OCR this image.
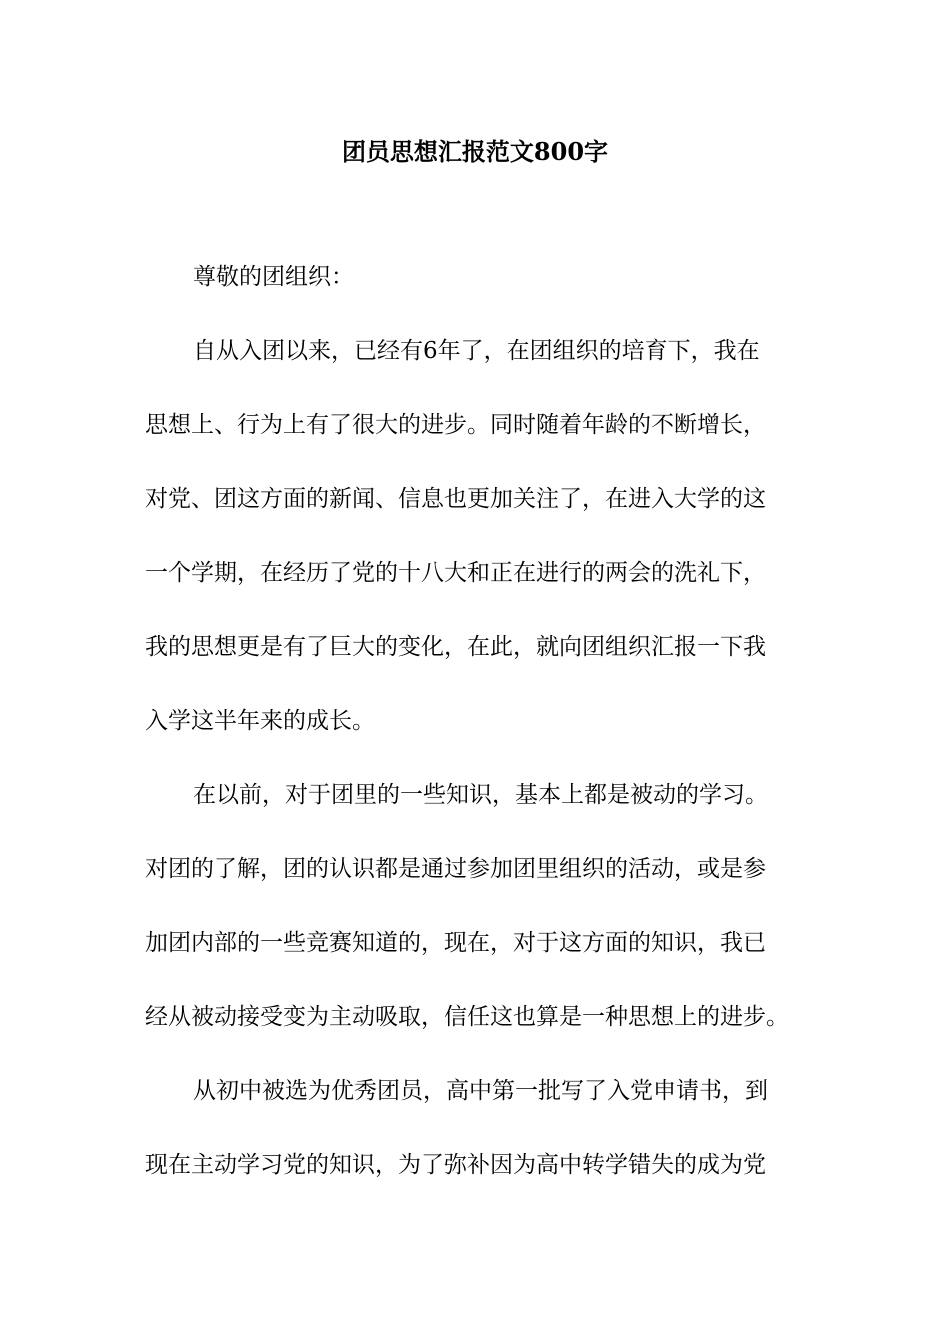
团员思想汇报范文800字

尊敬的团组织：

自从入团以来，已经有6年了，在团组织的培育下，我在

思想上、行为上有了很大的进步。同时随着年龄的不断增长，

对党、团这方面的新闻、信息也更加关注了，在进入大学的这

一个学期，在经历了党的十八大和正在进行的两会的洗礼下，

我的思想更是有了巨大的变化，在此，就向团组织汇报一下我

入学这半年来的成长。

在以前，对于团里的一些知识，基本上都是被动的学习。

对团的了解，团的认识都是通过参加团里组织的活动，或是参

加团内部的一些竞赛知道的，现在，对于这方面的知识，我已

经从被动接受变为主动吸取，信任这也算是一种思想上的进步。

从初中被选为优秀团员，高中第一批写了入党申请书，到

现在主动学习党的知识，为了弥补因为高中转学错失的成为党
